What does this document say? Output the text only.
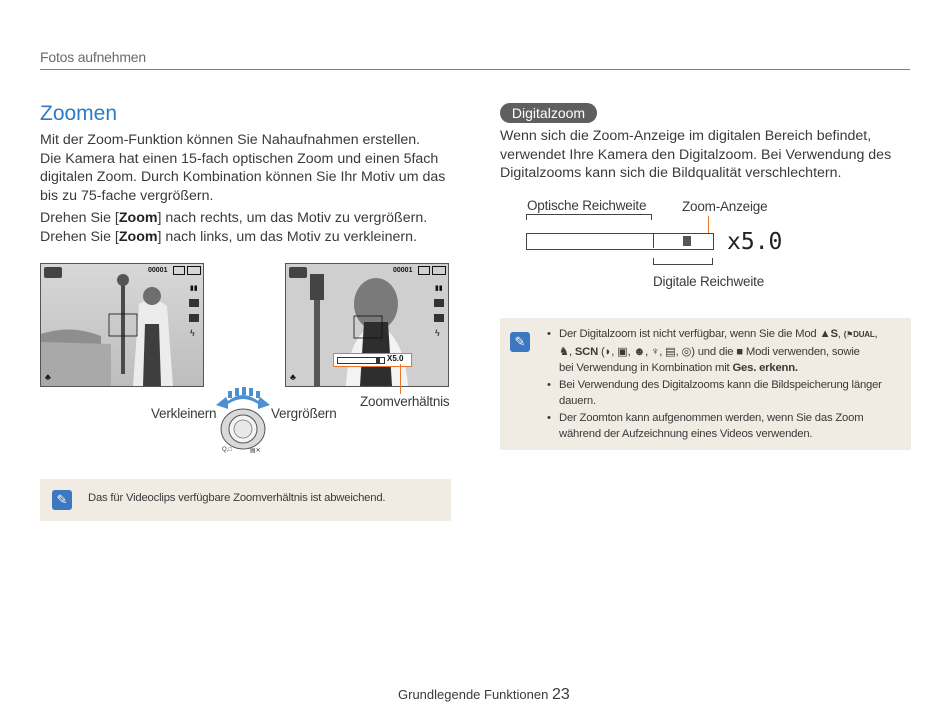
Fotos aufnehmen
Zoomen
Mit der Zoom-Funktion können Sie Nahaufnahmen erstellen.
Die Kamera hat einen 15-fach optischen Zoom und einen 5fach
digitalen Zoom. Durch Kombination können Sie Ihr Motiv um das
bis zu 75-fache vergrößern.
Drehen Sie [Zoom] nach rechts, um das Motiv zu vergrößern.
Drehen Sie [Zoom] nach links, um das Motiv zu verkleinern.
00001
▮▮
ϟ
♣
00001
▮▮
ϟ
♣
X5.0
Zoomverhältnis
Verkleinern	Vergrößern
Q,□	▤✕
✎	Das für Videoclips verfügbare Zoomverhältnis ist abweichend.
Digitalzoom
Wenn sich die Zoom-Anzeige im digitalen Bereich befindet,
verwendet Ihre Kamera den Digitalzoom. Bei Verwendung des
Digitalzooms kann sich die Bildqualität verschlechtern.
Optische Reichweite	Zoom-Anzeige
x5.0
Digitale Reichweite
✎
•	Der Digitalzoom ist nicht verfügbar, wenn Sie die Mod ▲S, (⚑DUAL,
♞, SCN (◗, ▣, ☻, ♆, ▤, ◎) und die ■ Modi verwenden, sowie
bei Verwendung in Kombination mit Ges. erkenn.
• Bei Verwendung des Digitalzooms kann die Bildspeicherung länger
dauern.
• Der Zoomton kann aufgenommen werden, wenn Sie das Zoom
während der Aufzeichnung eines Videos verwenden.
Grundlegende Funktionen 23
